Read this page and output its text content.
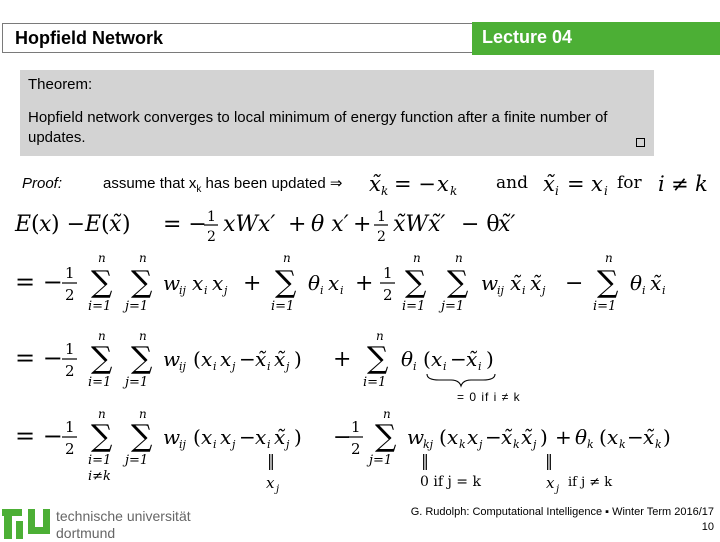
Hopfield Network	Lecture 04
Theorem:
Hopfield network converges to local minimum of energy function after a finite number of updates.
Proof:	assume that $x_k$ has been updated ⇒ x̃ k = − x k and x̃ i = x i for i ≠ k
E ( x ) − E ( x̃ ) = − 1
2 xWx′ + θ x′ + 1
2 x̃Wx̃′ − θ
x̃′
= − 1
2
n
∑
i=1
n
∑
j=1
w
ij x i x j +
n
∑
i=1
θ i x i + 1
2
n
∑
i=1
n
∑
j=1
w
ij x̃ i x̃ j −
n
∑
i=1
θ i x̃ i
= − 1
2
n
∑
i=1
n
∑
j=1
w
ij ( x i x j − x̃ i x̃ j ) +
n
∑
i=1
θ i ( x i − x̃ i )
= 0 if i ≠ k
= − 1
2
n
∑
i=1
i≠k
n
∑
j=1
w
ij ( x i x j − x i x̃ j )
‖
− 1
2
n
∑
j=1
w
kj ( x k x j − x̃ k x̃ j ) + θ k ( x k − x̃ k )
‖	‖
x j	0 if j = k	x j if j ≠ k
technische universität
dortmund
G. Rudolph: Computational Intelligence ▪ Winter Term 2016/17
10
